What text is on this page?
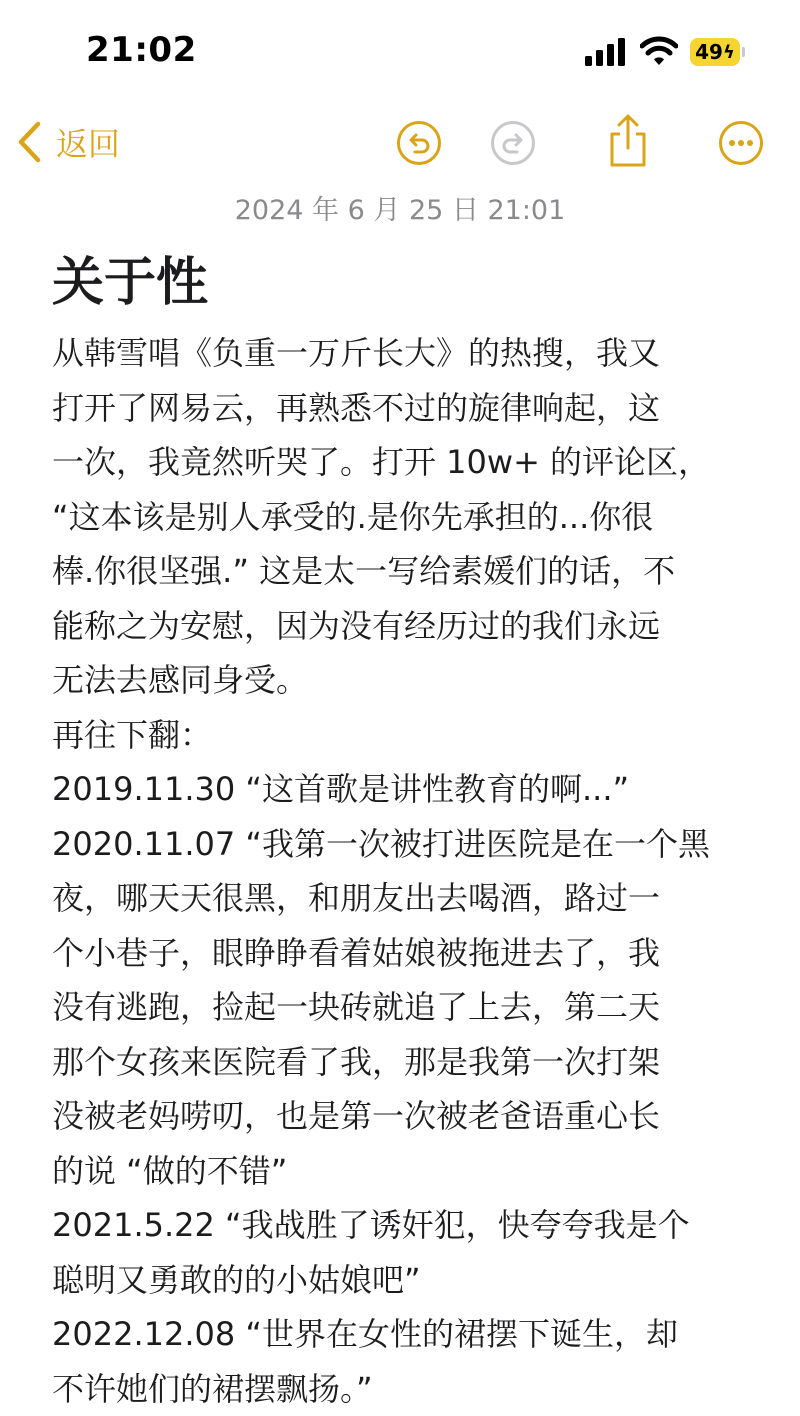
21:02	49 ϟ
返回
2024 年 6 月 25 日 21:01
关于性
从韩雪唱《负重一万斤长大》的热搜，我又
打开了网易云，再熟悉不过的旋律响起，这
一次，我竟然听哭了。打开 10w+ 的评论区，
“这本该是别人承受的.是你先承担的...你很
棒.你很坚强.” 这是太一写给素媛们的话，不
能称之为安慰，因为没有经历过的我们永远
无法去感同身受。
再往下翻：
2019.11.30 “这首歌是讲性教育的啊...”
2020.11.07 “我第一次被打进医院是在一个黑
夜，哪天天很黑，和朋友出去喝酒，路过一
个小巷子，眼睁睁看着姑娘被拖进去了，我
没有逃跑，捡起一块砖就追了上去，第二天
那个女孩来医院看了我，那是我第一次打架
没被老妈唠叨，也是第一次被老爸语重心长
的说 “做的不错”
2021.5.22 “我战胜了诱奸犯，快夸夸我是个
聪明又勇敢的的小姑娘吧”
2022.12.08 “世界在女性的裙摆下诞生，却
不许她们的裙摆飘扬。”
